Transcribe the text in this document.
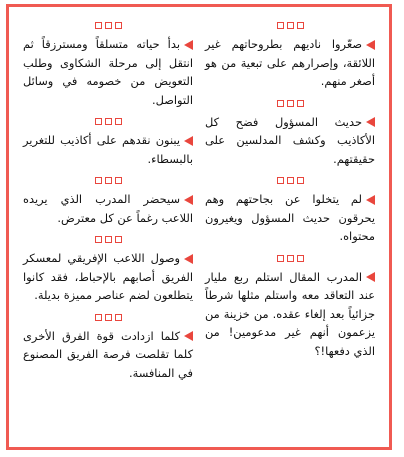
صعّروا ناديهم بطروحاتهم غير اللائقة، وإصرارهم على تبعية من هو أصغر منهم.
حديث المسؤول فضح كل الأكاذيب وكشف المدلسين على حقيقتهم.
لم يتخلوا عن بجاحتهم وهم يحرقون حديث المسؤول ويغيرون محتواه.
المدرب المقال استلم ربع مليار عند التعاقد معه واستلم مثلها شرطاً جزائياً بعد إلغاء عقده. من خزينة من يزعمون أنهم غير مدعومين! من الذي دفعها!؟
بدأ حياته متسلقاً ومسترزقاً ثم انتقل إلى مرحلة الشكاوى وطلب التعويض من خصومه في وسائل التواصل.
يبنون نقدهم على أكاذيب للتغرير بالبسطاء.
سيحضر المدرب الذي يريده اللاعب رغماً عن كل معترض.
وصول اللاعب الإفريقي لمعسكر الفريق أصابهم بالإحباط، فقد كانوا يتطلعون لضم عناصر مميزة بديلة.
كلما ازدادت قوة الفرق الأخرى كلما تقلصت فرصة الفريق المصنوع في المنافسة.
